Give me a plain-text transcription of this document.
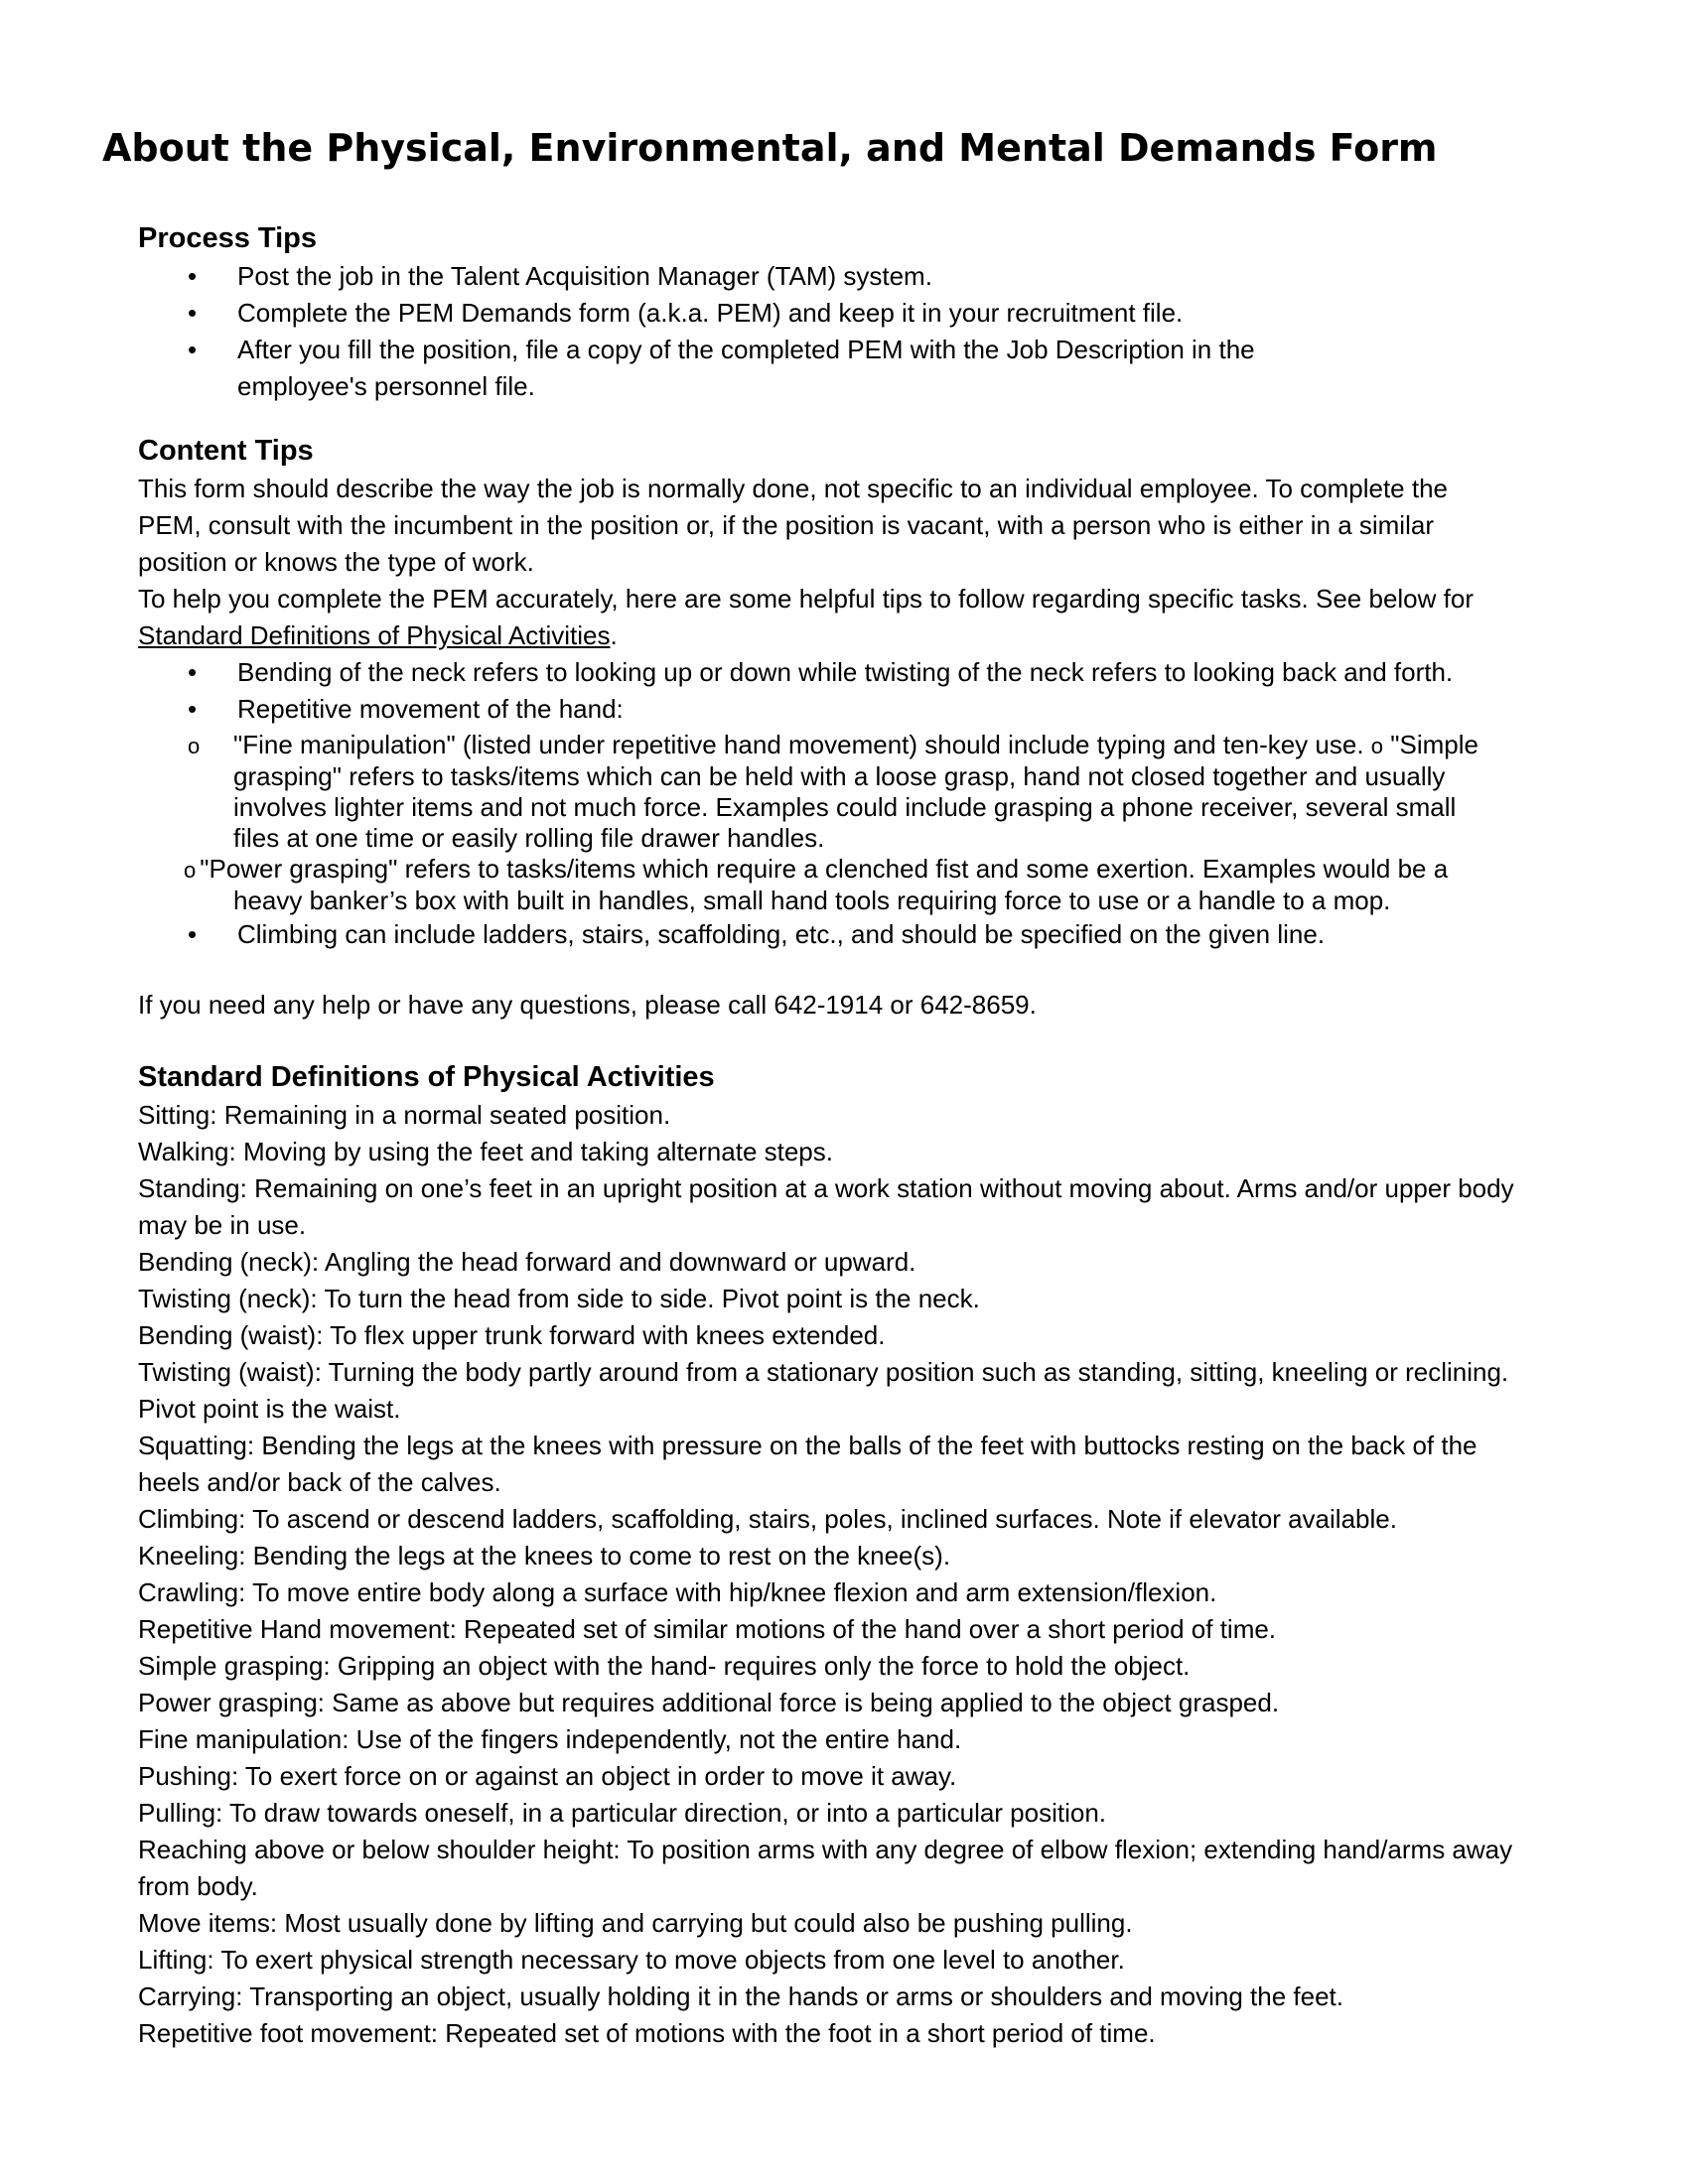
About the Physical, Environmental, and Mental Demands Form
Process Tips
• Post the job in the Talent Acquisition Manager (TAM) system.
• Complete the PEM Demands form (a.k.a. PEM) and keep it in your recruitment file.
• After you fill the position, file a copy of the completed PEM with the Job Description in the employee's personnel file.
Content Tips

This form should describe the way the job is normally done, not specific to an individual employee. To complete the PEM, consult with the incumbent in the position or, if the position is vacant, with a person who is either in a similar position or knows the type of work.

To help you complete the PEM accurately, here are some helpful tips to follow regarding specific tasks. See below for Standard Definitions of Physical Activities.

• Bending of the neck refers to looking up or down while twisting of the neck refers to looking back and forth.
• Repetitive movement of the hand:
o "Fine manipulation" (listed under repetitive hand movement) should include typing and ten-key use. o "Simple grasping" refers to tasks/items which can be held with a loose grasp, hand not closed together and usually involves lighter items and not much force. Examples could include grasping a phone receiver, several small files at one time or easily rolling file drawer handles.
o "Power grasping" refers to tasks/items which require a clenched fist and some exertion. Examples would be a heavy banker’s box with built in handles, small hand tools requiring force to use or a handle to a mop.
• Climbing can include ladders, stairs, scaffolding, etc., and should be specified on the given line.

If you need any help or have any questions, please call 642-1914 or 642-8659.

Standard Definitions of Physical Activities

Sitting: Remaining in a normal seated position.

Walking: Moving by using the feet and taking alternate steps.

Standing: Remaining on one’s feet in an upright position at a work station without moving about. Arms and/or upper body may be in use.

Bending (neck): Angling the head forward and downward or upward.

Twisting (neck): To turn the head from side to side. Pivot point is the neck.

Bending (waist): To flex upper trunk forward with knees extended.

Twisting (waist): Turning the body partly around from a stationary position such as standing, sitting, kneeling or reclining. Pivot point is the waist.

Squatting: Bending the legs at the knees with pressure on the balls of the feet with buttocks resting on the back of the heels and/or back of the calves.

Climbing: To ascend or descend ladders, scaffolding, stairs, poles, inclined surfaces. Note if elevator available.

Kneeling: Bending the legs at the knees to come to rest on the knee(s).

Crawling: To move entire body along a surface with hip/knee flexion and arm extension/flexion.

Repetitive Hand movement: Repeated set of similar motions of the hand over a short period of time.

Simple grasping: Gripping an object with the hand- requires only the force to hold the object.

Power grasping: Same as above but requires additional force is being applied to the object grasped.

Fine manipulation: Use of the fingers independently, not the entire hand.

Pushing: To exert force on or against an object in order to move it away.

Pulling: To draw towards oneself, in a particular direction, or into a particular position.

Reaching above or below shoulder height: To position arms with any degree of elbow flexion; extending hand/arms away from body.

Move items: Most usually done by lifting and carrying but could also be pushing pulling.

Lifting: To exert physical strength necessary to move objects from one level to another.

Carrying: Transporting an object, usually holding it in the hands or arms or shoulders and moving the feet.

Repetitive foot movement: Repeated set of motions with the foot in a short period of time.
